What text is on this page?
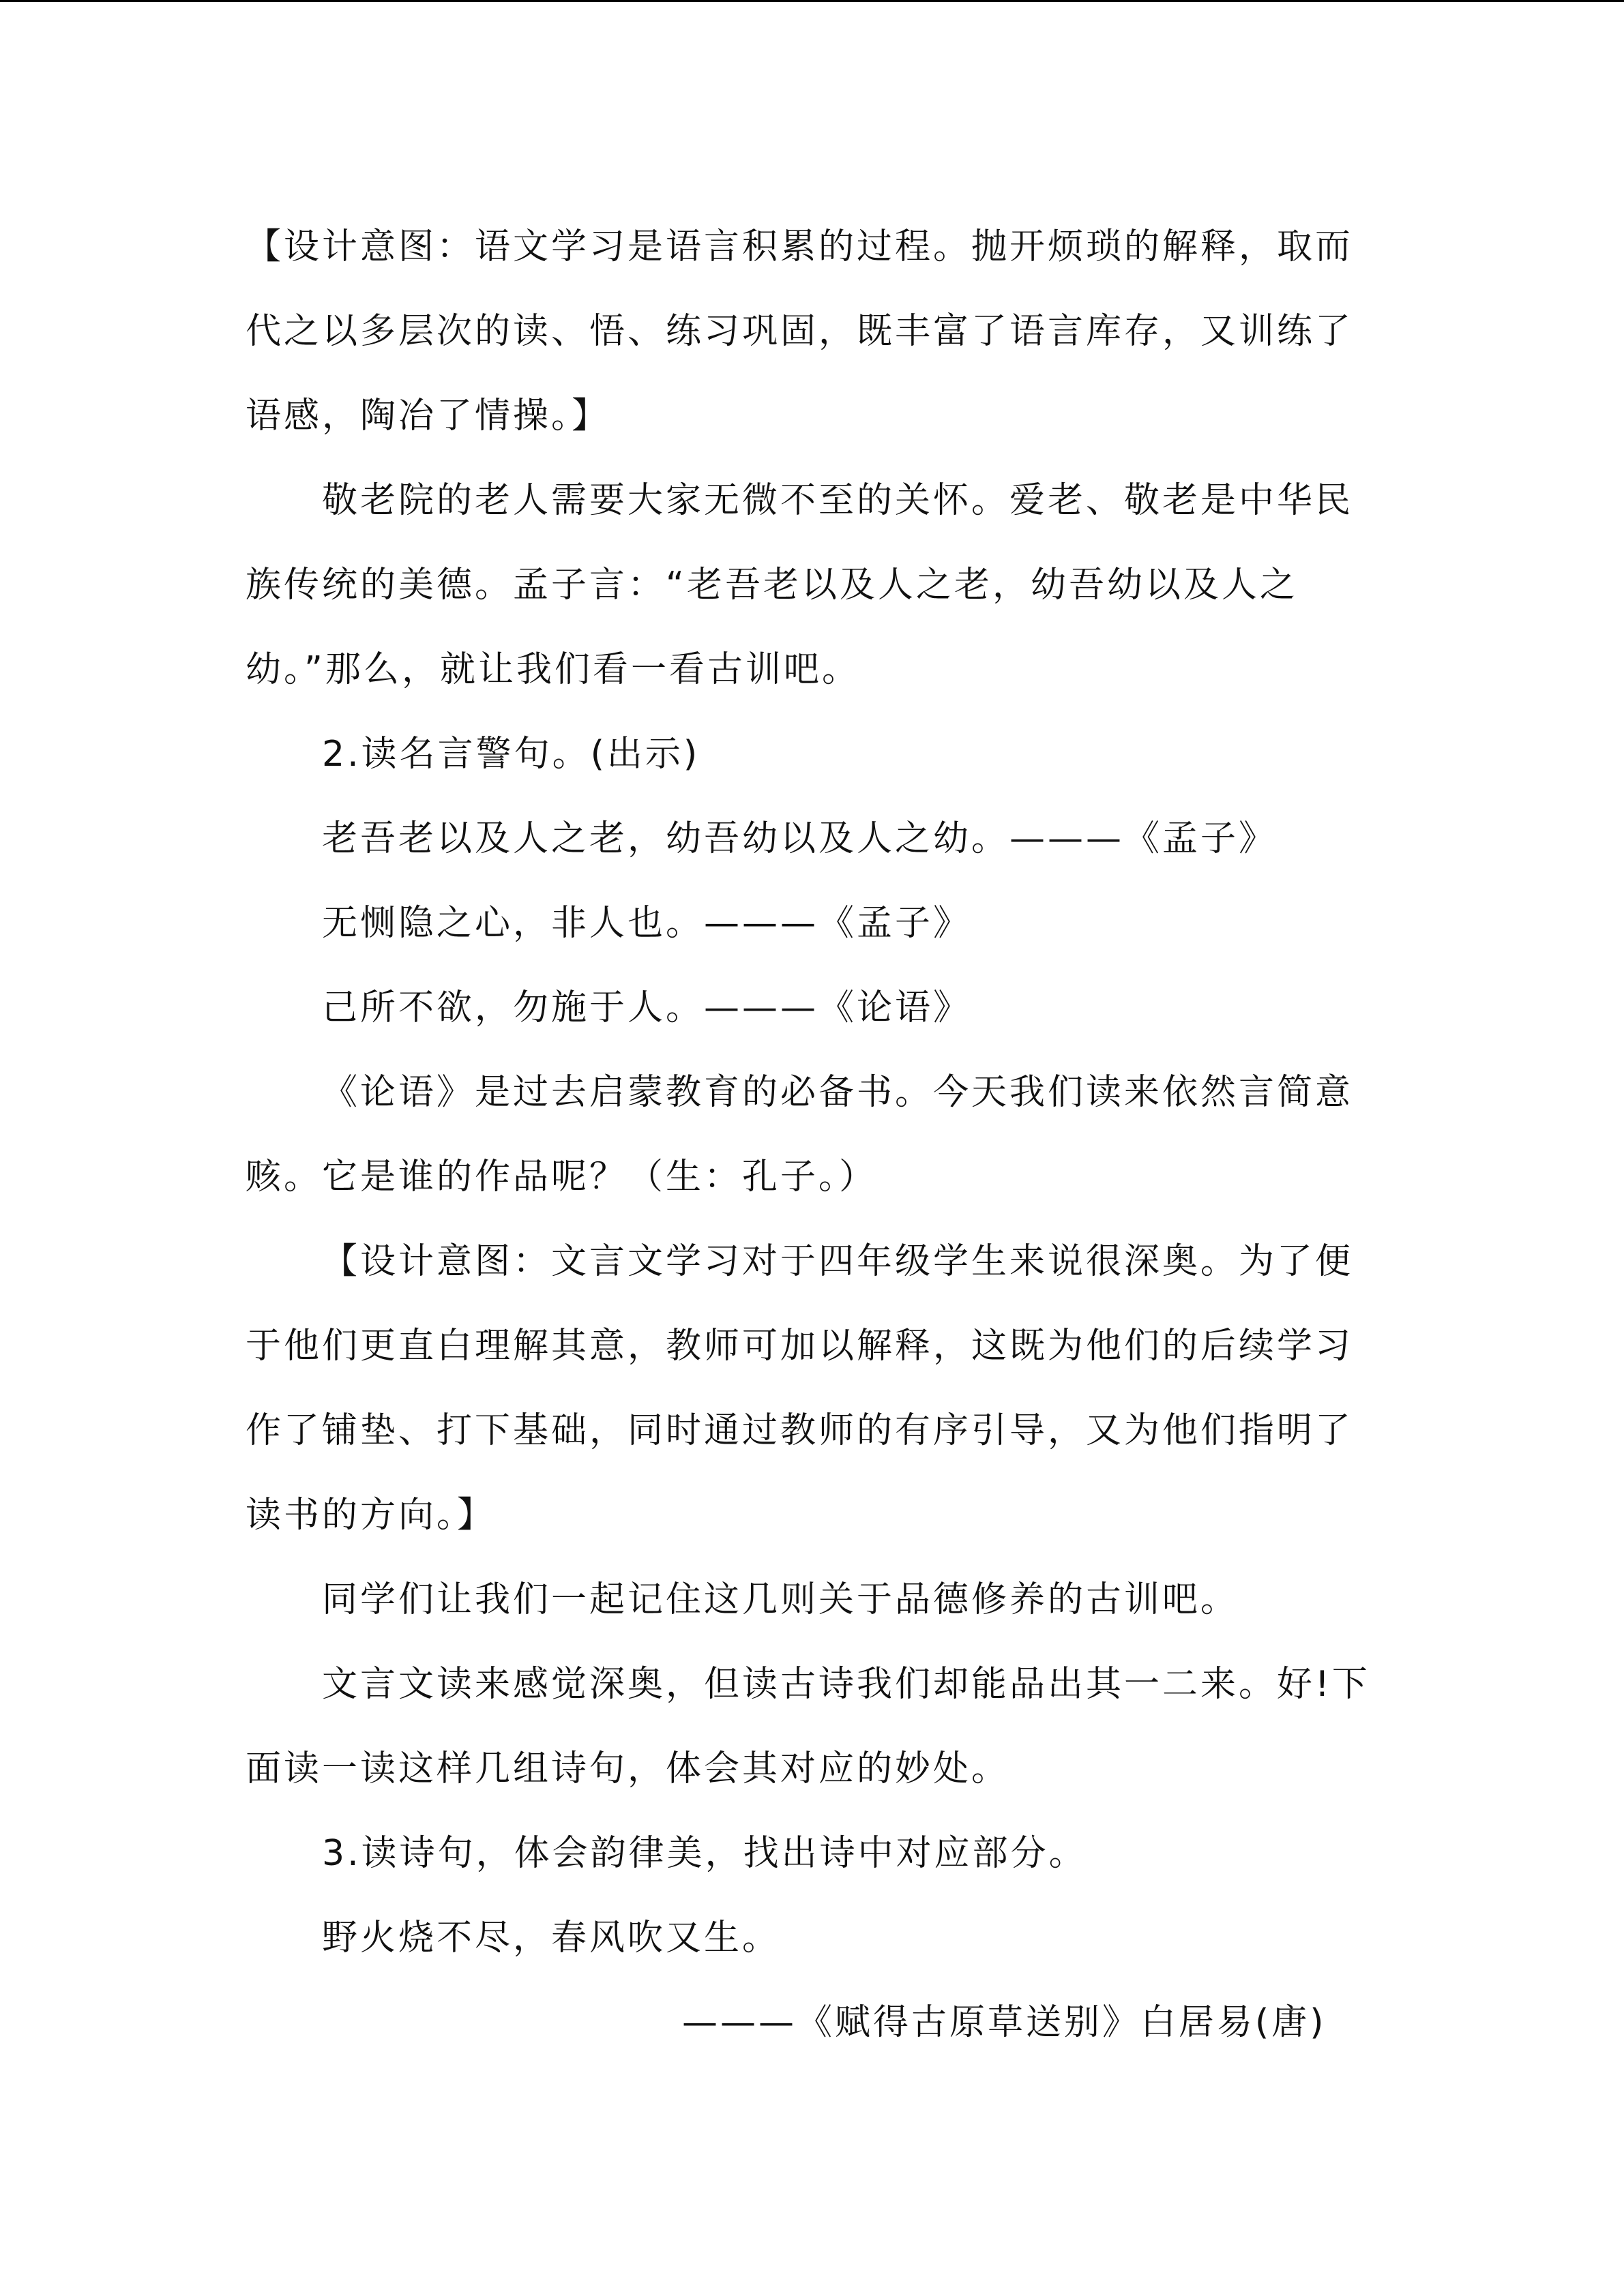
【设计意图：语文学习是语言积累的过程。抛开烦琐的解释，取而
代之以多层次的读、悟、练习巩固，既丰富了语言库存，又训练了
语感，陶冶了情操。】
敬老院的老人需要大家无微不至的关怀。爱老、敬老是中华民
族传统的美德。孟子言：“老吾老以及人之老，幼吾幼以及人之
幼。”那么，就让我们看一看古训吧。
2.读名言警句。(出示)
老吾老以及人之老，幼吾幼以及人之幼。———《孟子》
无恻隐之心，非人也。———《孟子》
己所不欲，勿施于人。———《论语》
《论语》是过去启蒙教育的必备书。今天我们读来依然言简意
赅。它是谁的作品呢？（生：孔子。）
【设计意图：文言文学习对于四年级学生来说很深奥。为了便
于他们更直白理解其意，教师可加以解释，这既为他们的后续学习
作了铺垫、打下基础，同时通过教师的有序引导，又为他们指明了
读书的方向。】
同学们让我们一起记住这几则关于品德修养的古训吧。
文言文读来感觉深奥，但读古诗我们却能品出其一二来。好!下
面读一读这样几组诗句，体会其对应的妙处。
3.读诗句，体会韵律美，找出诗中对应部分。
野火烧不尽，春风吹又生。
———《赋得古原草送别》白居易(唐)
